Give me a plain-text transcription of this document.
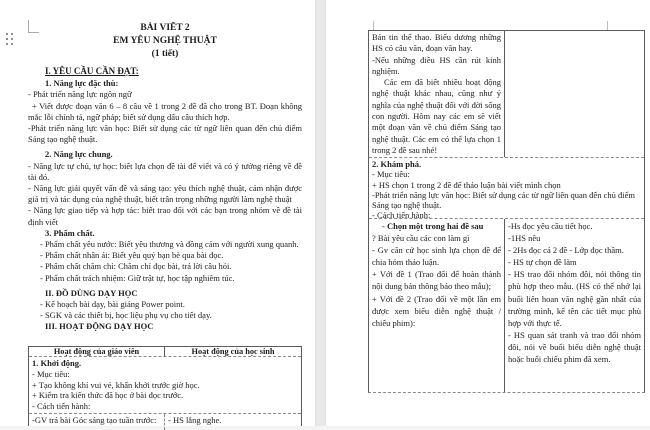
BÀI VIẾT 2
EM YÊU NGHỆ THUẬT
(1 tiết)

I. YÊU CẦU CẦN ĐẠT:

1. Năng lực đặc thù:

- Phát triển năng lực ngôn ngữ

+ Viết được đoạn văn 6 – 8 câu về 1 trong 2 đề đã cho trong BT. Đoạn không mắc lỗi chính tả, ngữ pháp; biết sử dụng dấu câu thích hợp.

-Phát triển năng lực văn học: Biết sử dụng các từ ngữ liên quan đến chủ điểm Sáng tạo nghệ thuật.

2. Năng lực chung.

- Năng lực tự chủ, tự học: biết lựa chọn đề tài để viết và có ý tưởng riêng về đề tài đó.

- Năng lực giải quyết vấn đề và sáng tạo: yêu thích nghệ thuật, cảm nhận được giá trị và tác dụng của nghệ thuật, biết trân trọng những người làm nghệ thuật

- Năng lực giao tiếp và hợp tác: biết trao đổi với các bạn trong nhóm về đề tài định viết

3. Phẩm chất.

- Phẩm chất yêu nước: Biết yêu thương và đồng cảm với người xung quanh.

- Phẩm chất nhân ái: Biết yêu quý bạn bè qua bài đọc.

- Phẩm chất chăm chỉ: Chăm chỉ đọc bài, trả lời câu hỏi.

- Phẩm chất trách nhiệm: Giữ trật tự, học tập nghiêm túc.

II. ĐỒ DÙNG DẠY HỌC

- Kế hoạch bài dạy, bài giảng Power point.

- SGK và các thiết bị, học liệu phụ vụ cho tiết dạy.

III. HOẠT ĐỘNG DẠY HỌC

Hoạt động của giáo viên	Hoạt động của học sinh

1. Khởi động.

- Mục tiêu:

+ Tạo không khí vui vẻ, khấn khởi trước giờ học.

+ Kiểm tra kiến thức đã học ở bài đọc trước.

- Cách tiến hành:

-GV trả bài Góc sáng tạo tuần trước:	- HS lắng nghe.

Bản tin thể thao. Biểu dương những HS có câu văn, đoạn văn hay.

-Nếu những điều HS cần rút kinh nghiệm.

Các em đã biết nhiều hoạt động nghệ thuật khác nhau, cũng như ý nghĩa của nghệ thuật đối với đời sống con người. Hôm nay các em sẽ viết một đoạn văn về chủ điểm Sáng tạo nghệ thuật. Các em có thể lựa chọn 1 trong 2 đề sau nhé!

2. Khám phá.

- Mục tiêu:

+ HS chọn 1 trong 2 đề để thảo luận bài viết mình chọn

-Phát triển năng lực văn học: Biết sử dụng các từ ngữ liên quan đến chủ điểm Sáng tạo nghệ thuật.

- Cách tiến hành:

- Chọn một trong hai đề sau

? Bài yêu cầu các con làm gì

- Gv căn cứ học sinh lựa chọn đề để chia hóm thảo luận.

+ Với đề 1 (Trao đổi để hoàn thành nội dung bản thông báo theo mẫu);

+ Với đề 2 (Trao đổi về một lần em được xem biểu diễn nghệ thuật / chiếu phim):

-Hs đọc yêu cầu tiết học.

-1HS nêu

- 2Hs đọc cả 2 đề - Lớp đọc thầm.

- HS tự chọn đề làm

- HS trao đổi nhóm đôi, nói thông tin phù hợp theo mẫu. (HS có thể nhớ lại buổi liên hoan văn nghệ gần nhất của trường mình, kể tên các tiết mục phù hợp với thực tế.

- HS quan sát tranh và trao đổi nhóm đôi, nói về buổi biểu diễn nghệ thuật hoặc buổi chiếu phim đã xem.
